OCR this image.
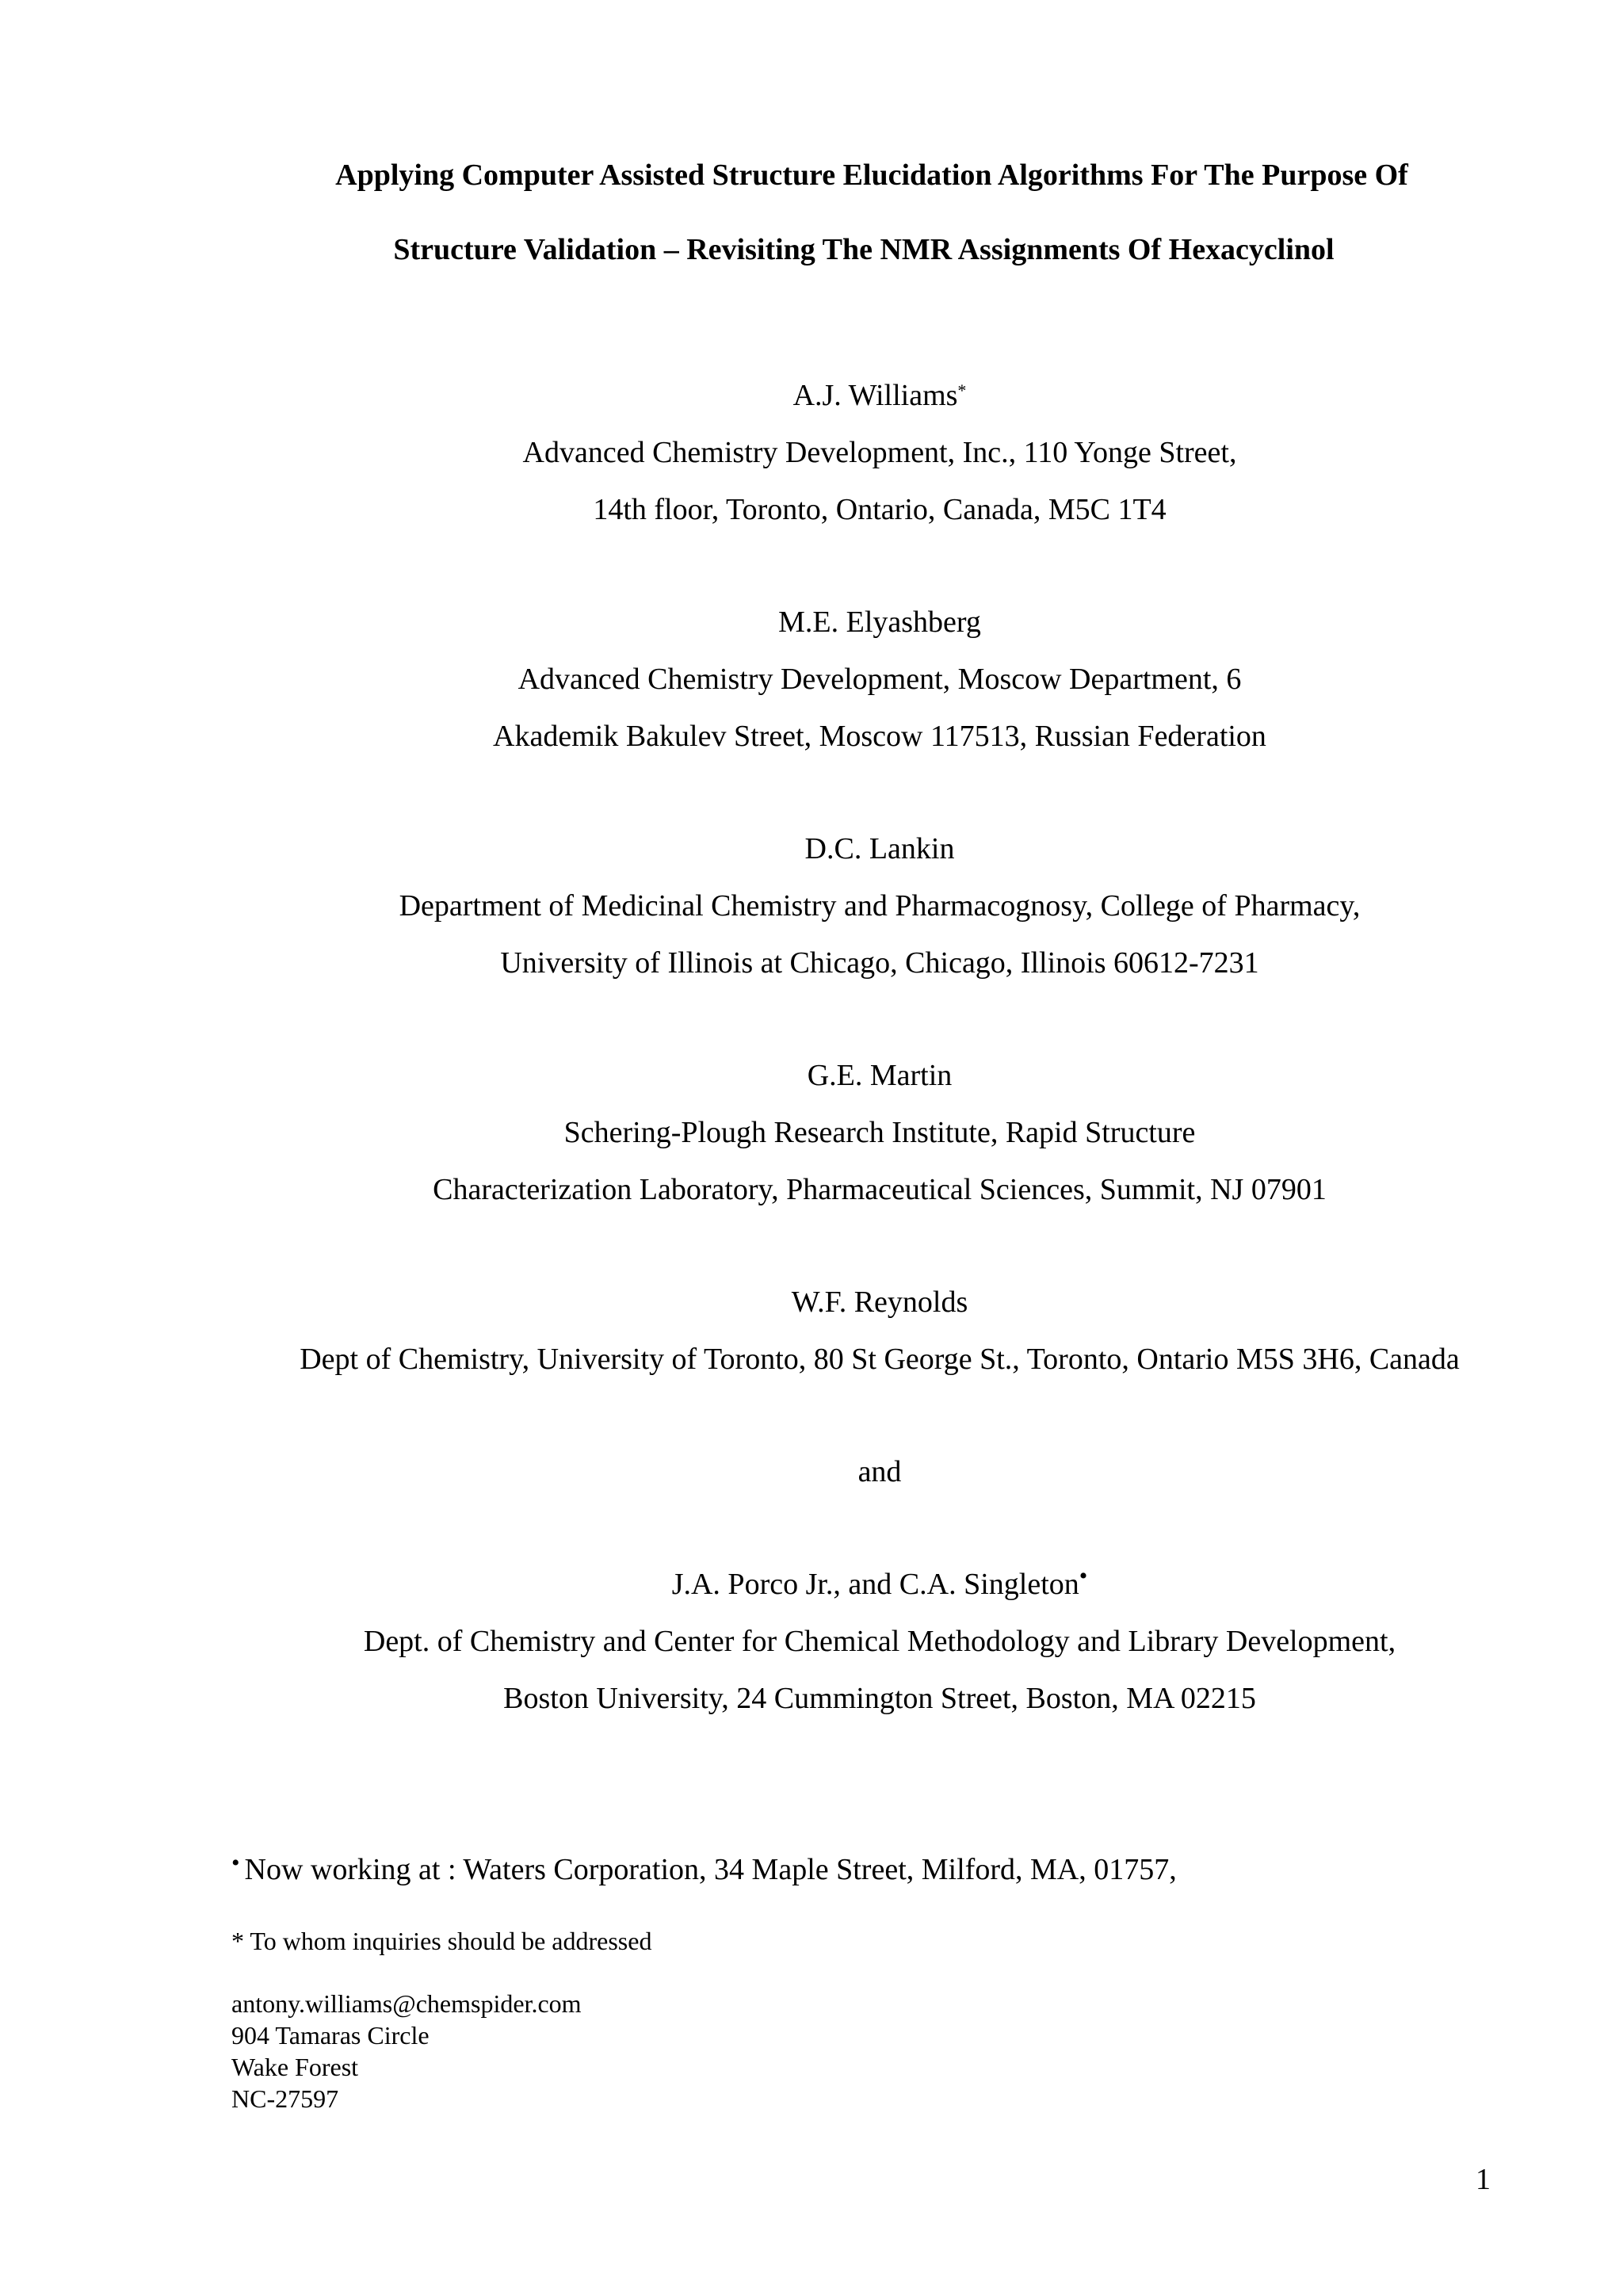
Applying Computer Assisted Structure Elucidation Algorithms For The Purpose Of
Structure Validation – Revisiting The NMR Assignments Of Hexacyclinol
A.J. Williams*
Advanced Chemistry Development, Inc., 110 Yonge Street,
14th floor, Toronto, Ontario, Canada, M5C 1T4
M.E. Elyashberg
Advanced Chemistry Development, Moscow Department, 6
Akademik Bakulev Street, Moscow 117513, Russian Federation
D.C. Lankin
Department of Medicinal Chemistry and Pharmacognosy, College of Pharmacy,
University of Illinois at Chicago, Chicago, Illinois 60612-7231
G.E. Martin
Schering-Plough Research Institute, Rapid Structure
Characterization Laboratory, Pharmaceutical Sciences, Summit, NJ 07901
W.F. Reynolds
Dept of Chemistry, University of Toronto, 80 St George St., Toronto, Ontario M5S 3H6, Canada
and
J.A. Porco Jr., and C.A. Singleton•
Dept. of Chemistry and Center for Chemical Methodology and Library Development,
Boston University, 24 Cummington Street, Boston, MA 02215
• Now working at : Waters Corporation, 34 Maple Street, Milford, MA, 01757,
* To whom inquiries should be addressed
antony.williams@chemspider.com
904 Tamaras Circle
Wake Forest
NC-27597
1
